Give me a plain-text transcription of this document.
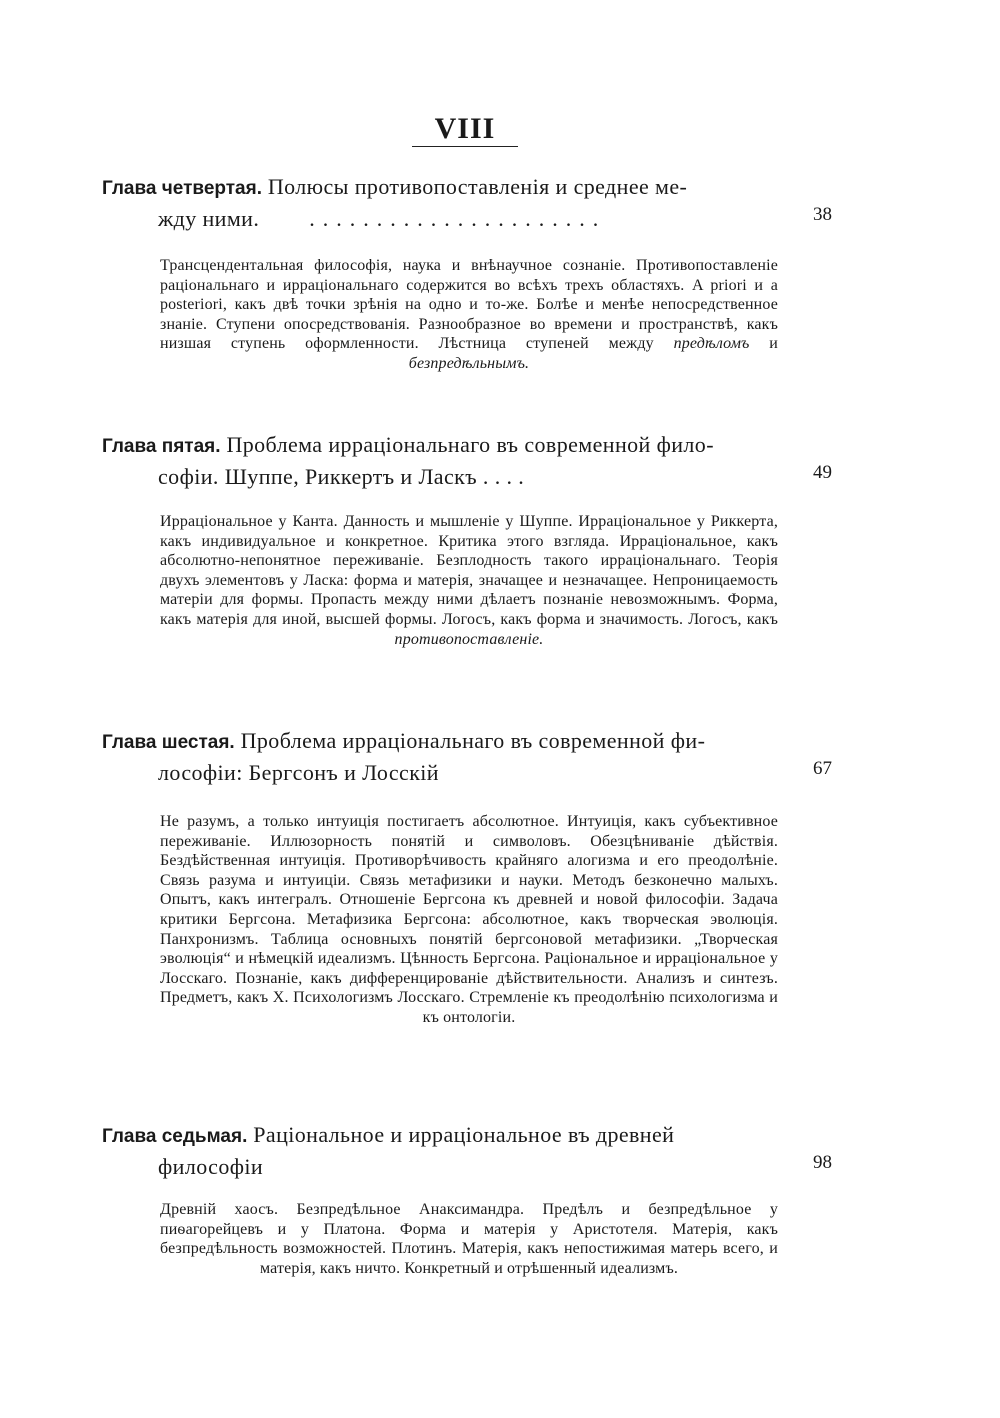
VIII
Глава четвертая. Полюсы противопоставленія и среднее ме-
жду ними. ......................	38
Трансцендентальная философія, наука и внѣнаучное сознаніе. Противопоставленіе раціональнаго и ирраціональнаго содержится во всѣхъ трехъ областяхъ. A priori и a posteriori, какъ двѣ точки зрѣнія на одно и то-же. Болѣе и менѣе непосредственное знаніе. Ступени опосредствованія. Разнообразное во времени и пространствѣ, какъ низшая ступень оформленности. Лѣстница ступеней между предѣломъ и безпредѣльнымъ.
Глава пятая. Проблема ирраціональнаго въ современной фило-
софіи. Шуппе, Риккертъ и Ласкъ . . . .	49
Ирраціональное у Канта. Данность и мышленіе у Шуппе. Ирраціональное у Риккерта, какъ индивидуальное и конкретное. Критика этого взгляда. Ирраціональное, какъ абсолютно-непонятное переживаніе. Безплодность такого ирраціональнаго. Теорія двухъ элементовъ у Ласка: форма и матерія, значащее и незначащее. Непроницаемость матеріи для формы. Пропасть между ними дѣлаетъ познаніе невозможнымъ. Форма, какъ матерія для иной, высшей формы. Логосъ, какъ форма и значимость. Логосъ, какъ противопоставленіе.
Глава шестая. Проблема ирраціональнаго въ современной фи-
лософіи: Бергсонъ и Лосскій	67
Не разумъ, а только интуиція постигаетъ абсолютное. Интуиція, какъ субъективное переживаніе. Иллюзорность понятій и символовъ. Обезцѣниваніе дѣйствія. Бездѣйственная интуиція. Противорѣчивость крайняго алогизма и его преодолѣніе. Связь разума и интуиціи. Связь метафизики и науки. Методъ безконечно малыхъ. Опытъ, какъ интегралъ. Отношеніе Бергсона къ древней и новой философіи. Задача критики Бергсона. Метафизика Бергсона: абсолютное, какъ творческая эволюція. Панхронизмъ. Таблица основныхъ понятій бергсоновой метафизики. „Творческая эволюція“ и нѣмецкій идеализмъ. Цѣнность Бергсона. Раціональное и ирраціональное у Лосскаго. Познаніе, какъ дифференцированіе дѣйствительности. Анализъ и синтезъ. Предметъ, какъ X. Психологизмъ Лосскаго. Стремленіе къ преодолѣнію психологизма и къ онтологіи.
Глава седьмая. Раціональное и ирраціональное въ древней
философіи	98
Древній хаосъ. Безпредѣльное Анаксимандра. Предѣлъ и безпредѣльное у пиѳагорейцевъ и у Платона. Форма и матерія у Аристотеля. Матерія, какъ безпредѣльность возможностей. Плотинъ. Матерія, какъ непостижимая матерь всего, и матерія, какъ ничто. Конкретный и отрѣшенный идеализмъ.
